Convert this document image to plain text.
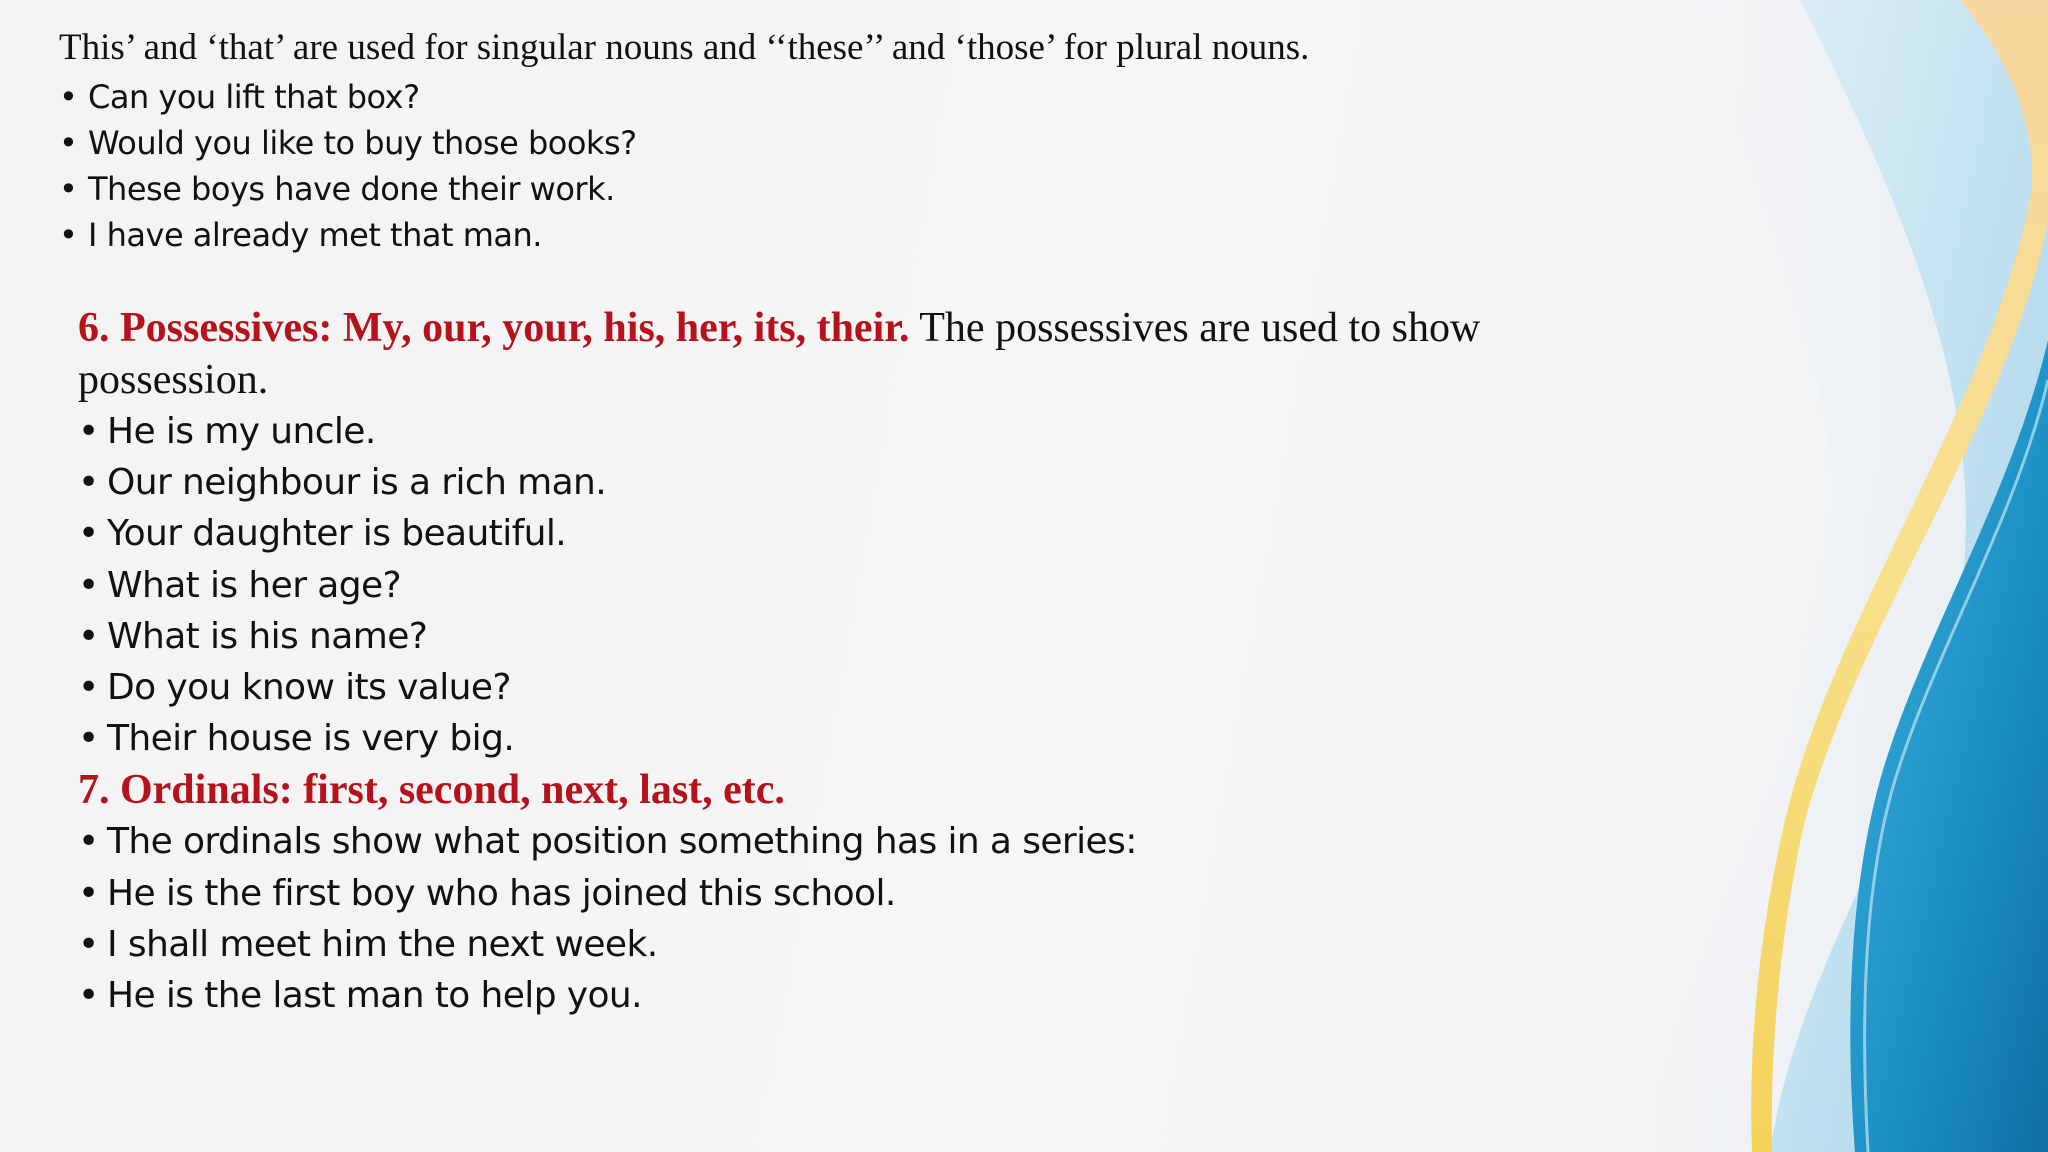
This’ and ‘that’ are used for singular nouns and ‘‘these’’ and ‘those’ for plural nouns.
• Can you lift that box?
• Would you like to buy those books?
• These boys have done their work.
• I have already met that man.

6. Possessives: My, our, your, his, her, its, their. The possessives are used to show possession.

• He is my uncle.
• Our neighbour is a rich man.
• Your daughter is beautiful.
• What is her age?
• What is his name?
• Do you know its value?
• Their house is very big.

7. Ordinals: first, second, next, last, etc.

• The ordinals show what position something has in a series:
• He is the first boy who has joined this school.
• I shall meet him the next week.
• He is the last man to help you.
